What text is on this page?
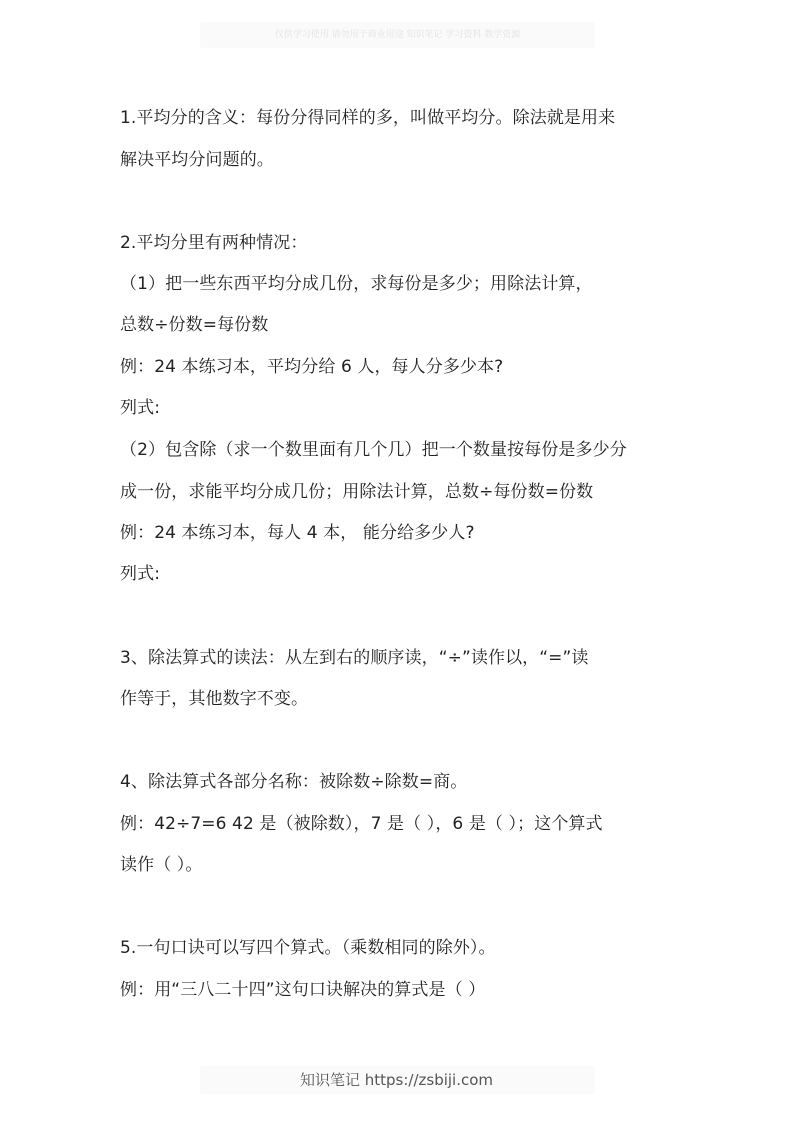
仅供学习使用 请勿用于商业用途 知识笔记 学习资料 教学资源
1.平均分的含义：每份分得同样的多，叫做平均分。除法就是用来
解决平均分问题的。
2.平均分里有两种情况：
（1）把一些东西平均分成几份，求每份是多少；用除法计算，
总数÷份数=每份数
例：24 本练习本，平均分给 6 人，每人分多少本?
列式:
（2）包含除（求一个数里面有几个几）把一个数量按每份是多少分
成一份，求能平均分成几份；用除法计算，总数÷每份数=份数
例：24 本练习本，每人 4 本， 能分给多少人?
列式:
3、除法算式的读法：从左到右的顺序读，“÷”读作以，“=”读
作等于，其他数字不变。
4、除法算式各部分名称：被除数÷除数=商。
例：42÷7=6 42 是（被除数），7 是（ ），6 是（ ）；这个算式
读作（ ）。
5.一句口诀可以写四个算式。（乘数相同的除外）。
例：用“三八二十四”这句口诀解决的算式是（ ）
知识笔记 https://zsbiji.com
